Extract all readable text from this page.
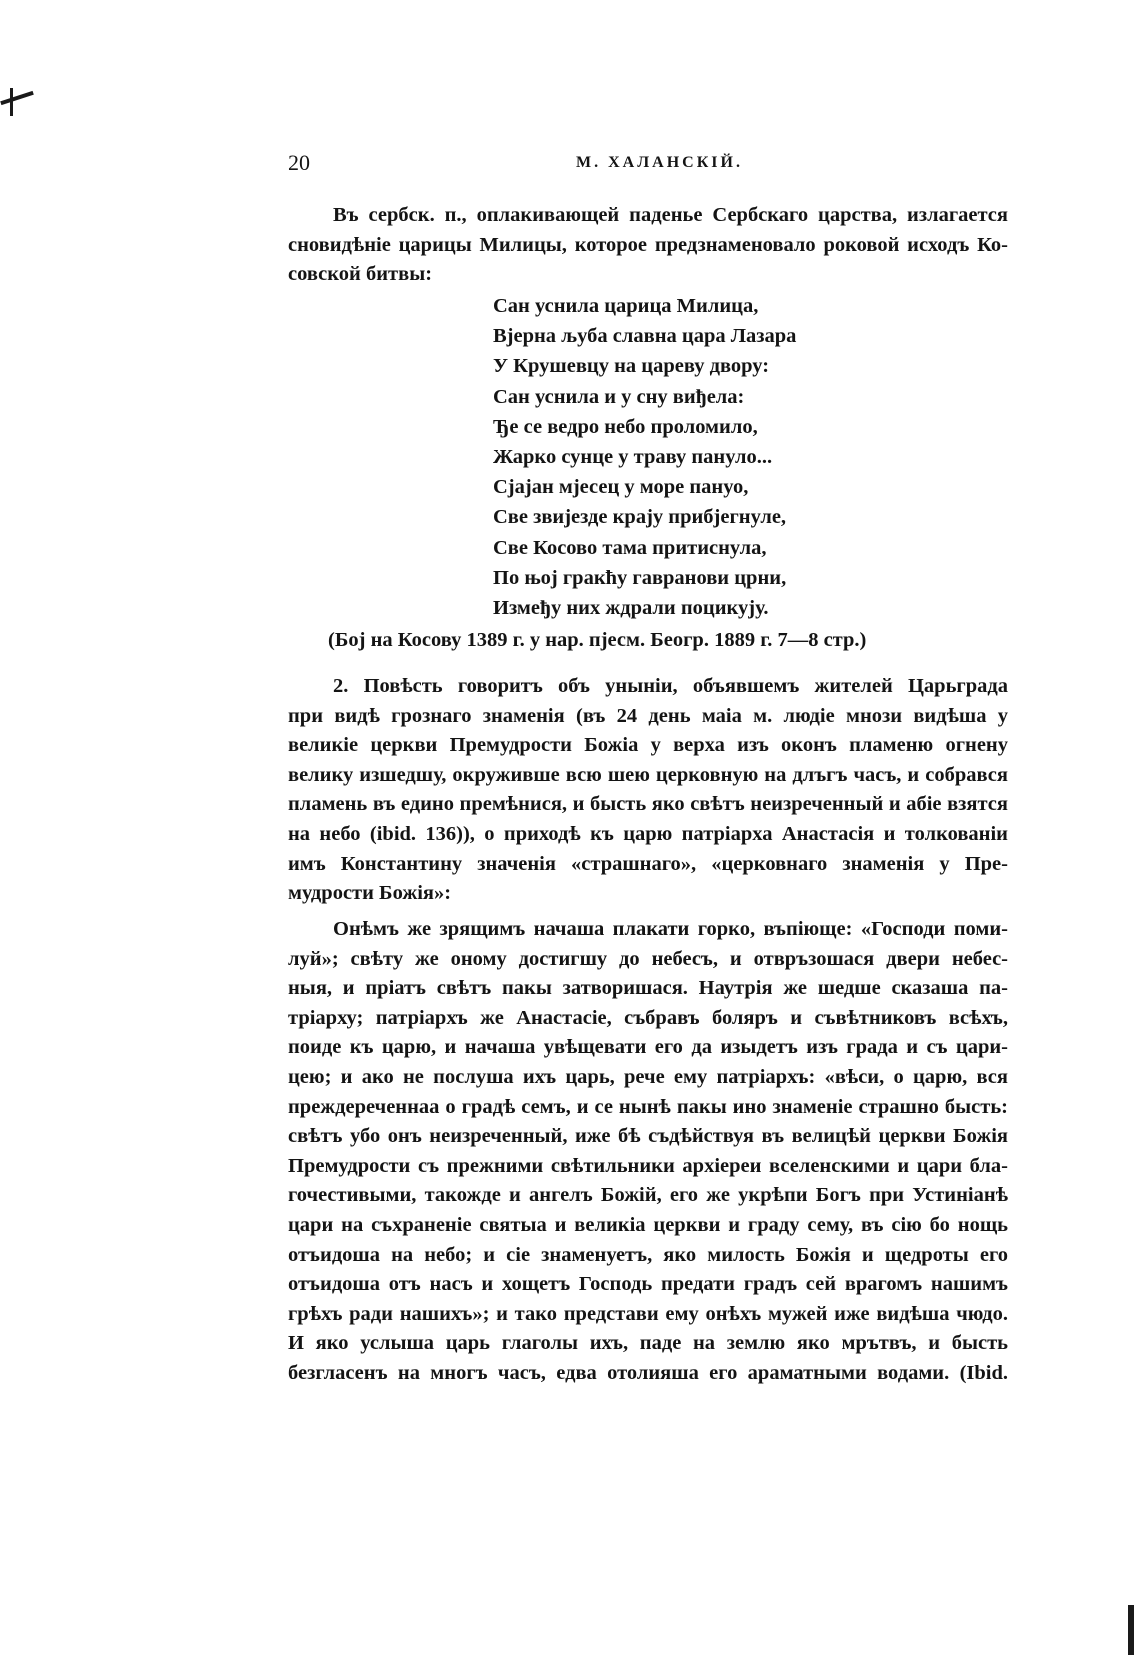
20	М. ХАЛАНСКІЙ.
Въ сербск. п., оплакивающей паденье Сербскаго царства, излагается
сновидѣніе царицы Милицы, которое предзнаменовало роковой исходъ Ко-
совской битвы:
Сан уснила царица Милица,
Вјерна љуба славна цара Лазара
У Крушевцу на цареву двору:
Сан уснила и у сну виђела:
Ђе се ведро небо проломило,
Жарко сунце у траву пануло...
Сјајан мјесец у море пануо,
Све звијезде крају прибјегнуле,
Све Косово тама притиснула,
По њој гракћу гавранови црни,
Између них ждрали поцикују.
(Бој на Косову 1389 г. у нар. пјесм. Беогр. 1889 г. 7—8 стр.)
2. Повѣсть говоритъ объ уныніи, объявшемъ жителей Царьграда
при видѣ грознаго знаменія (въ 24 день маіа м. людіе мнози видѣша у
великіе церкви Премудрости Божіа у верха изъ оконъ пламеню огнену
велику изшедшу, окруживше всю шею церковную на длъгъ часъ, и собрався
пламень въ едино премѣнися, и бысть яко свѣтъ неизреченный и абіе взятся
на небо (ibid. 136)), о приходѣ къ царю патріарха Анастасія и толкованіи
имъ Константину значенія «страшнаго», «церковнаго знаменія у Пре-
мудрости Божія»:
Онѣмъ же зрящимъ начаша плакати горко, въпіюще: «Господи поми-
луй»; свѣту же оному достигшу до небесъ, и отвръзошася двери небес-
ныя, и пріатъ свѣтъ пакы затворишася. Наутрія же шедше сказаша па-
тріарху; патріархъ же Анастасіе, събравъ боляръ и съвѣтниковъ всѣхъ,
поиде къ царю, и начаша увѣщевати его да изыдетъ изъ града и съ цари-
цею; и ако не послуша ихъ царь, рече ему патріархъ: «вѣси, о царю, вся
преждереченнаа о градѣ семъ, и се нынѣ пакы ино знаменіе страшно бысть:
свѣтъ убо онъ неизреченный, иже бѣ съдѣйствуя въ велицѣй церкви Божія
Премудрости съ прежними свѣтильники архіереи вселенскими и цари бла-
гочестивыми, такожде и ангелъ Божій, его же укрѣпи Богъ при Устиніанѣ
цари на съхраненіе святыа и великіа церкви и граду сему, въ сію бо нощь
отъидоша на небо; и сіе знаменуетъ, яко милость Божія и щедроты его
отъидоша отъ насъ и хощетъ Господь предати градъ сей врагомъ нашимъ
грѣхъ ради нашихъ»; и тако представи ему онѣхъ мужей иже видѣша чюдо.
И яко услыша царь глаголы ихъ, паде на землю яко мрътвъ, и бысть
безгласенъ на многъ часъ, едва отолияша его араматными водами. (Ibid.
